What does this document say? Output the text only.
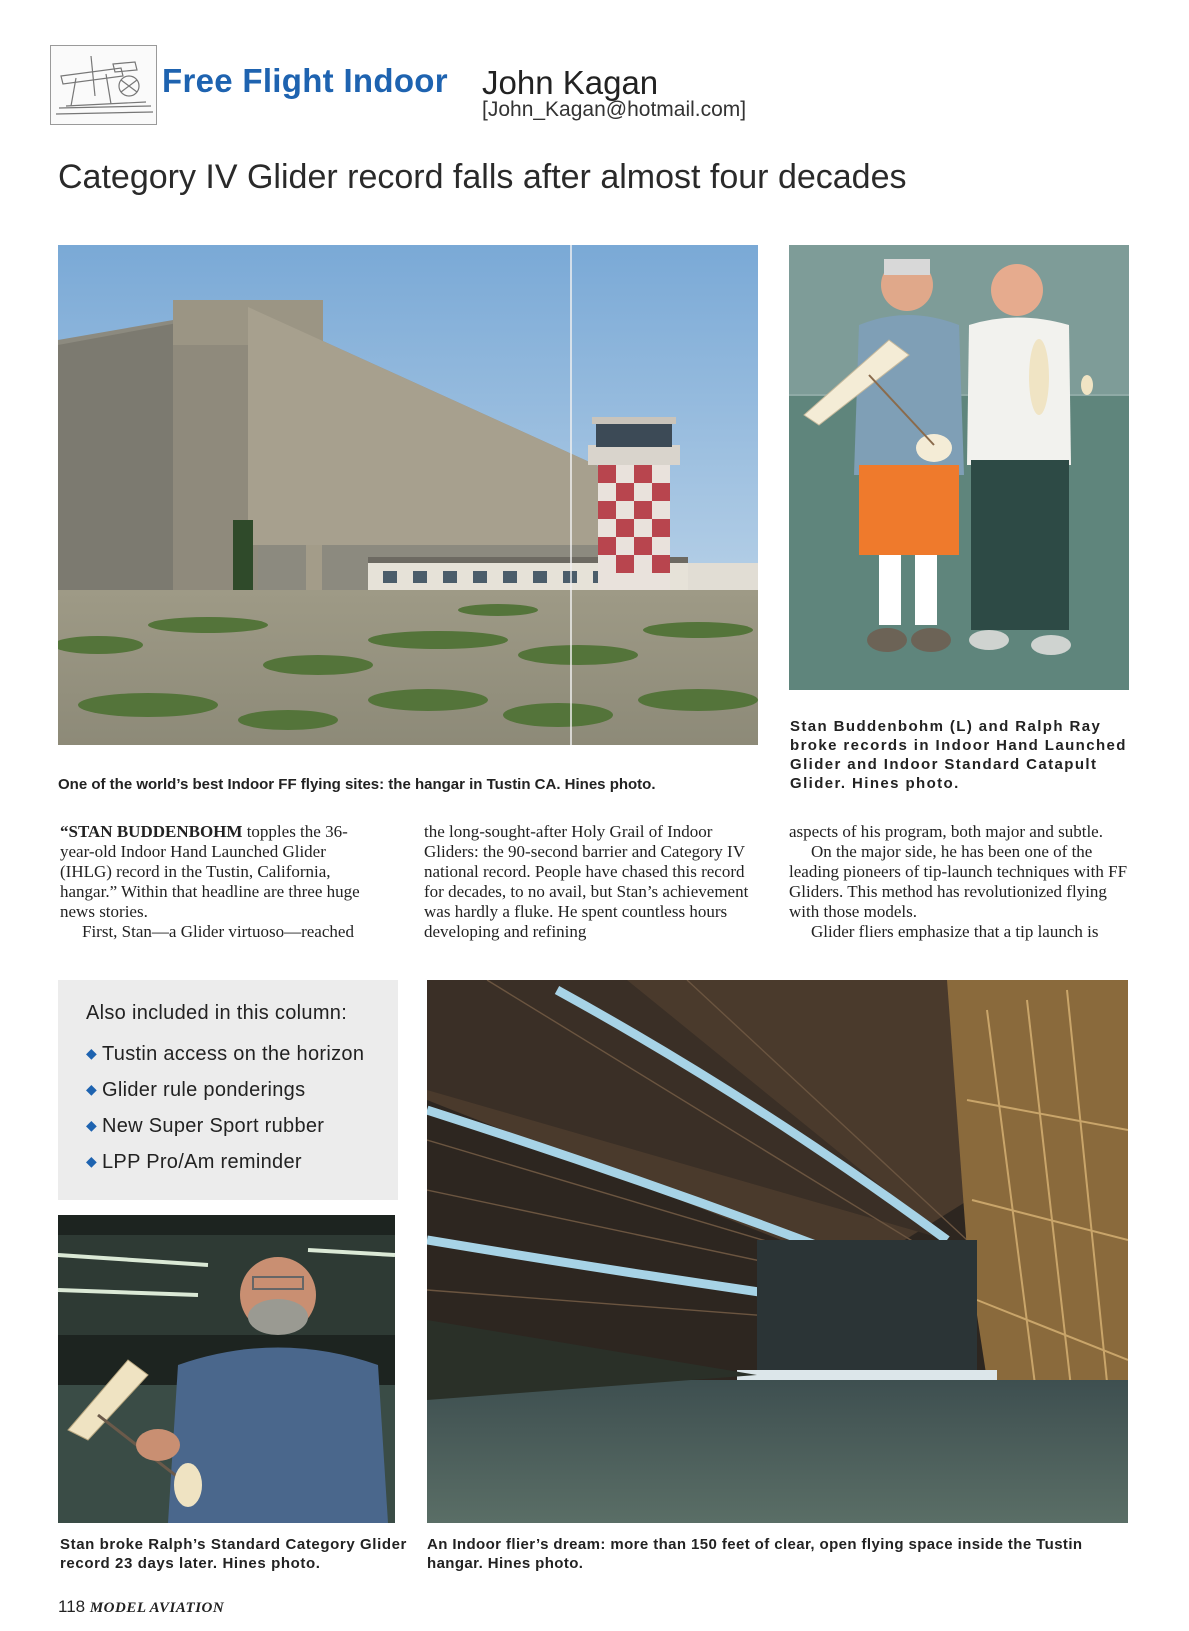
Free Flight Indoor John Kagan
[John_Kagan@hotmail.com]
Category IV Glider record falls after almost four decades
One of the world’s best Indoor FF flying sites: the hangar in Tustin CA. Hines photo.
Stan Buddenbohm (L) and Ralph Ray broke records in Indoor Hand Launched Glider and Indoor Standard Catapult Glider. Hines photo.

“STAN BUDDENBOHM topples the 36-year-old Indoor Hand Launched Glider (IHLG) record in the Tustin, California, hangar.” Within that headline are three huge news stories.

First, Stan—a Glider virtuoso—reached

the long-sought-after Holy Grail of Indoor Gliders: the 90-second barrier and Category IV national record. People have chased this record for decades, to no avail, but Stan’s achievement was hardly a fluke. He spent countless hours developing and refining

aspects of his program, both major and subtle.

On the major side, he has been one of the leading pioneers of tip-launch techniques with FF Gliders. This method has revolutionized flying with those models.

Glider fliers emphasize that a tip launch is

Also included in this column:
◆ Tustin access on the horizon
◆ Glider rule ponderings
◆ New Super Sport rubber
◆ LPP Pro/Am reminder
An Indoor flier’s dream: more than 150 feet of clear, open flying space inside the Tustin hangar. Hines photo.
Stan broke Ralph’s Standard Category Glider record 23 days later. Hines photo.
118 MODEL AVIATION
